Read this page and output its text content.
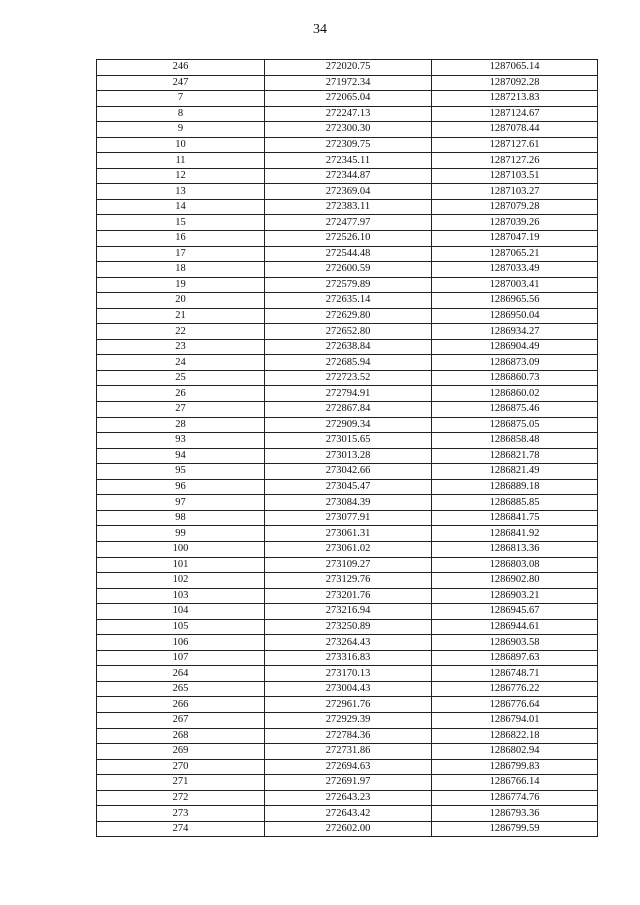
34
246	272020.75	1287065.14
247	271972.34	1287092.28
7	272065.04	1287213.83
8	272247.13	1287124.67
9	272300.30	1287078.44
10	272309.75	1287127.61
11	272345.11	1287127.26
12	272344.87	1287103.51
13	272369.04	1287103.27
14	272383.11	1287079.28
15	272477.97	1287039.26
16	272526.10	1287047.19
17	272544.48	1287065.21
18	272600.59	1287033.49
19	272579.89	1287003.41
20	272635.14	1286965.56
21	272629.80	1286950.04
22	272652.80	1286934.27
23	272638.84	1286904.49
24	272685.94	1286873.09
25	272723.52	1286860.73
26	272794.91	1286860.02
27	272867.84	1286875.46
28	272909.34	1286875.05
93	273015.65	1286858.48
94	273013.28	1286821.78
95	273042.66	1286821.49
96	273045.47	1286889.18
97	273084.39	1286885.85
98	273077.91	1286841.75
99	273061.31	1286841.92
100	273061.02	1286813.36
101	273109.27	1286803.08
102	273129.76	1286902.80
103	273201.76	1286903.21
104	273216.94	1286945.67
105	273250.89	1286944.61
106	273264.43	1286903.58
107	273316.83	1286897.63
264	273170.13	1286748.71
265	273004.43	1286776.22
266	272961.76	1286776.64
267	272929.39	1286794.01
268	272784.36	1286822.18
269	272731.86	1286802.94
270	272694.63	1286799.83
271	272691.97	1286766.14
272	272643.23	1286774.76
273	272643.42	1286793.36
274	272602.00	1286799.59
